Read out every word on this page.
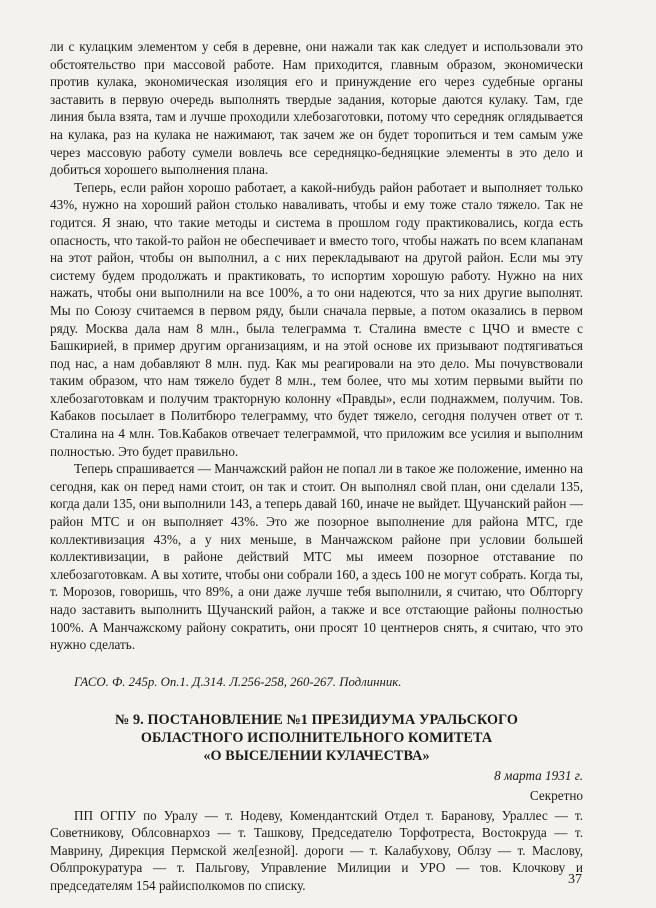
ли с кулацким элементом у себя в деревне, они нажали так как следует и использовали это обстоятельство при массовой работе. Нам приходится, главным образом, экономически против кулака, экономическая изоляция его и принуждение его через судебные органы заставить в первую очередь выполнять твердые задания, которые даются кулаку. Там, где линия была взята, там и лучше проходили хлебозаготовки, потому что середняк оглядывается на кулака, раз на кулака не нажимают, так зачем же он будет торопиться и тем самым уже через массовую работу сумели вовлечь все середняцко-бедняцкие элементы в это дело и добиться хорошего выполнения плана.

Теперь, если район хорошо работает, а какой-нибудь район работает и выполняет только 43%, нужно на хороший район столько наваливать, чтобы и ему тоже стало тяжело. Так не годится. Я знаю, что такие методы и система в прошлом году практиковались, когда есть опасность, что такой-то район не обеспечивает и вместо того, чтобы нажать по всем клапанам на этот район, чтобы он выполнил, а с них перекладывают на другой район. Если мы эту систему будем продолжать и практиковать, то испортим хорошую работу. Нужно на них нажать, чтобы они выполнили на все 100%, а то они надеются, что за них другие выполнят. Мы по Союзу считаемся в первом ряду, были сначала первые, а потом оказались в первом ряду. Москва дала нам 8 млн., была телеграмма т. Сталина вместе с ЦЧО и вместе с Башкирией, в пример другим организациям, и на этой основе их призывают подтягиваться под нас, а нам добавляют 8 млн. пуд. Как мы реагировали на это дело. Мы почувствовали таким образом, что нам тяжело будет 8 млн., тем более, что мы хотим первыми выйти по хлебозаготовкам и получим тракторную колонну «Правды», если поднажмем, получим. Тов. Кабаков посылает в Политбюро телеграмму, что будет тяжело, сегодня получен ответ от т. Сталина на 4 млн. Тов.Кабаков отвечает телеграммой, что приложим все усилия и выполним полностью. Это будет правильно.

Теперь спрашивается — Манчажский район не попал ли в такое же положение, именно на сегодня, как он перед нами стоит, он так и стоит. Он выполнял свой план, они сделали 135, когда дали 135, они выполнили 143, а теперь давай 160, иначе не выйдет. Щучанский район — район МТС и он выполняет 43%. Это же позорное выполнение для района МТС, где коллективизация 43%, а у них меньше, в Манчажском районе при условии большей коллективизации, в районе действий МТС мы имеем позорное отставание по хлебозаготовкам. А вы хотите, чтобы они собрали 160, а здесь 100 не могут собрать. Когда ты, т. Морозов, говоришь, что 89%, а они даже лучше тебя выполнили, я считаю, что Облторгу надо заставить выполнить Щучанский район, а также и все отстающие районы полностью 100%. А Манчажскому району сократить, они просят 10 центнеров снять, я считаю, что это нужно сделать.

ГАСО. Ф. 245р. Оп.1. Д.314. Л.256-258, 260-267. Подлинник.

№ 9. ПОСТАНОВЛЕНИЕ №1 ПРЕЗИДИУМА УРАЛЬСКОГО
ОБЛАСТНОГО ИСПОЛНИТЕЛЬНОГО КОМИТЕТА
«О ВЫСЕЛЕНИИ КУЛАЧЕСТВА»

8 марта 1931 г.

Секретно

ПП ОГПУ по Уралу — т. Нодеву, Комендантский Отдел т. Баранову, Ураллес — т. Советникову, Облсовнархоз — т. Ташкову, Председателю Торфотреста, Востокруда — т. Маврину, Дирекция Пермской жел[езной]. дороги — т. Калабухову, Облзу — т. Маслову, Облпрокуратура — т. Пальгову, Управление Милиции и УРО — тов. Клочкову и председателям 154 райисполкомов по списку.	37
